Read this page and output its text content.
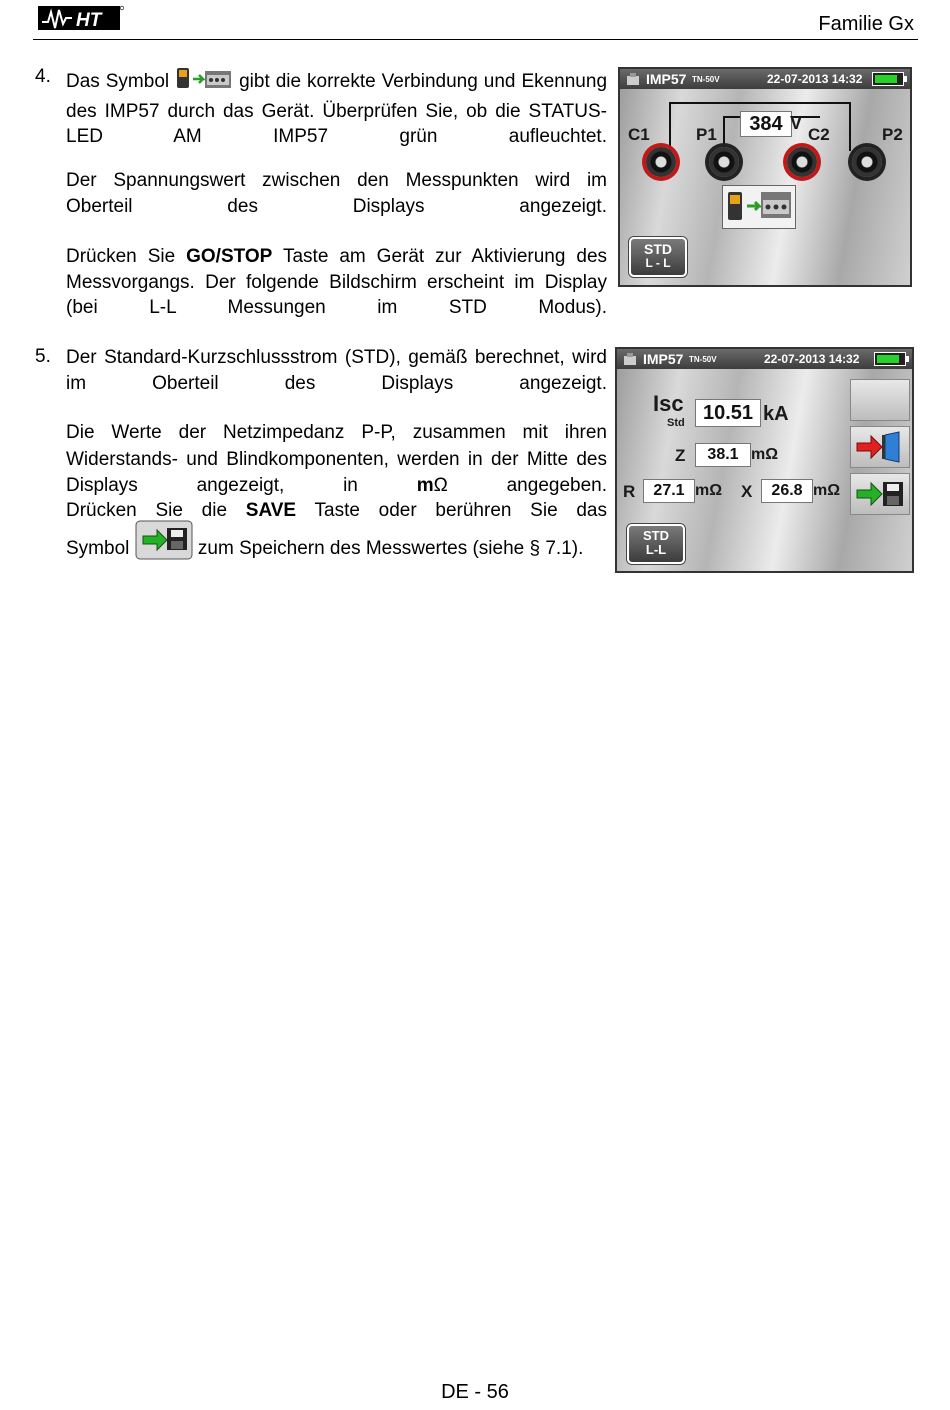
HT	Familie Gx
4. Das Symbol	gibt die korrekte Verbindung und Ekennung des IMP57 durch das Gerät. Überprüfen Sie, ob die STATUS-LED AM IMP57 grün aufleuchtet.
Der Spannungswert zwischen den Messpunkten wird im Oberteil des Displays angezeigt.
Drücken Sie GO/STOP Taste am Gerät zur Aktivierung des Messvorgangs. Der folgende Bildschirm erscheint im Display (bei L-L Messungen im STD Modus).
IMP57 TN-50V	22-07-2013 14:32
384 V
C1	P1	C2	P2
STD
L - L
5. Der Standard-Kurzschlussstrom (STD), gemäß berechnet, wird im Oberteil des Displays angezeigt.
Die Werte der Netzimpedanz P-P, zusammen mit ihren Widerstands- und Blindkomponenten, werden in der Mitte des Displays angezeigt, in	mΩ angegeben.
Drücken Sie die SAVE Taste oder berühren Sie das
Symbol	zum Speichern des Messwertes (siehe § 7.1).
IMP57 TN-50V	22-07-2013 14:32
Isc
Std 10.51 kA
Z	38.1 mΩ
R	27.1 mΩ X	26.8 mΩ
STD
L-L
DE - 56
